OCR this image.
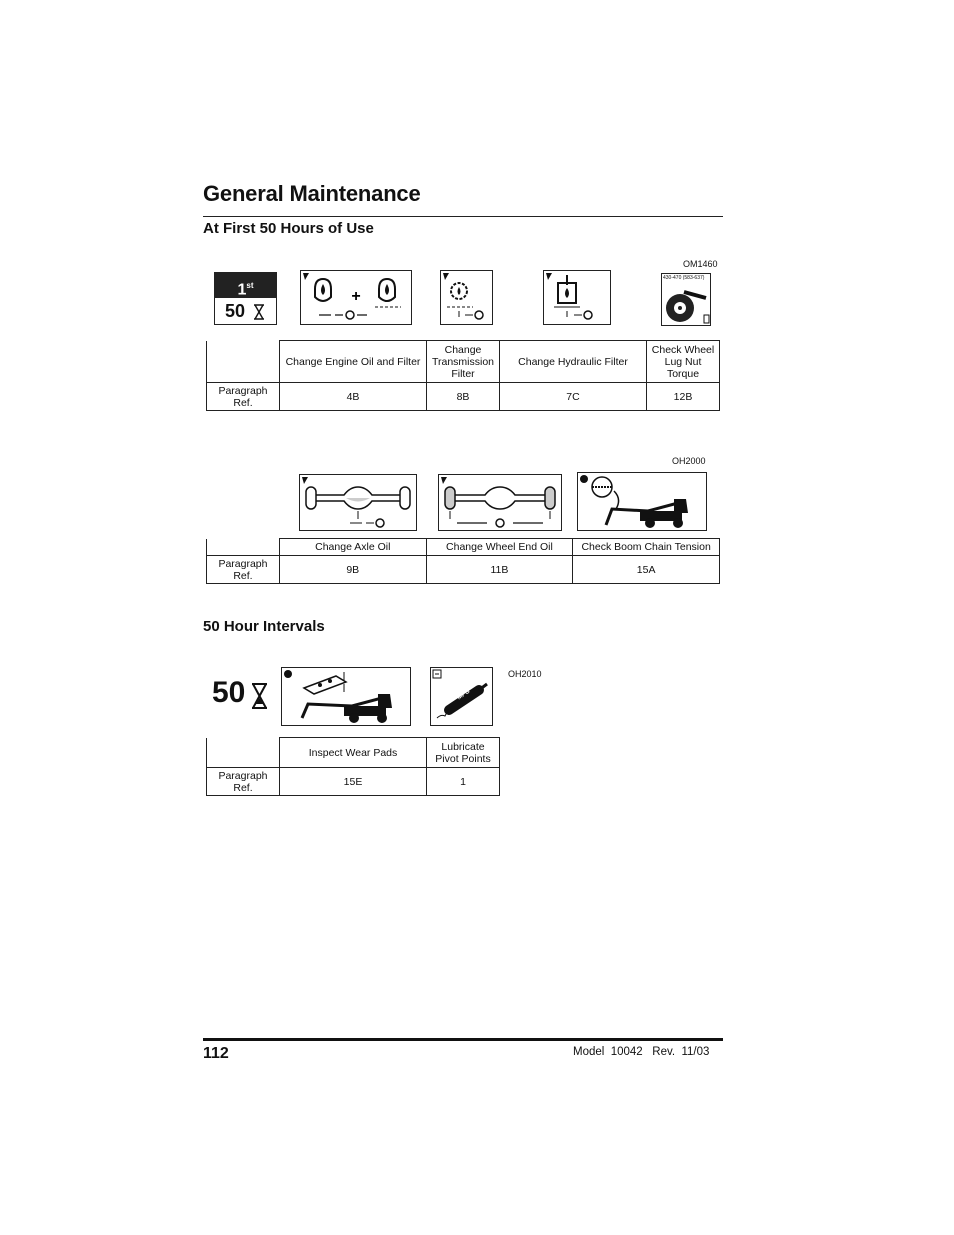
General Maintenance
At First 50 Hours of Use
OM1460
1st
50
+
430-470 (583-637)
	Change Engine Oil and Filter	Change Transmission Filter	Change Hydraulic Filter	Check Wheel Lug Nut Torque
Paragraph Ref.	4B	8B	7C	12B
OH2000
	Change Axle Oil	Change Wheel End Oil	Check Boom Chain Tension
Paragraph Ref.	9B	11B	15A
50 Hour Intervals
50	MPG
OH2010
	Inspect Wear Pads	Lubricate Pivot Points
Paragraph Ref.	15E	1
112	Model  10042   Rev.  11/03
